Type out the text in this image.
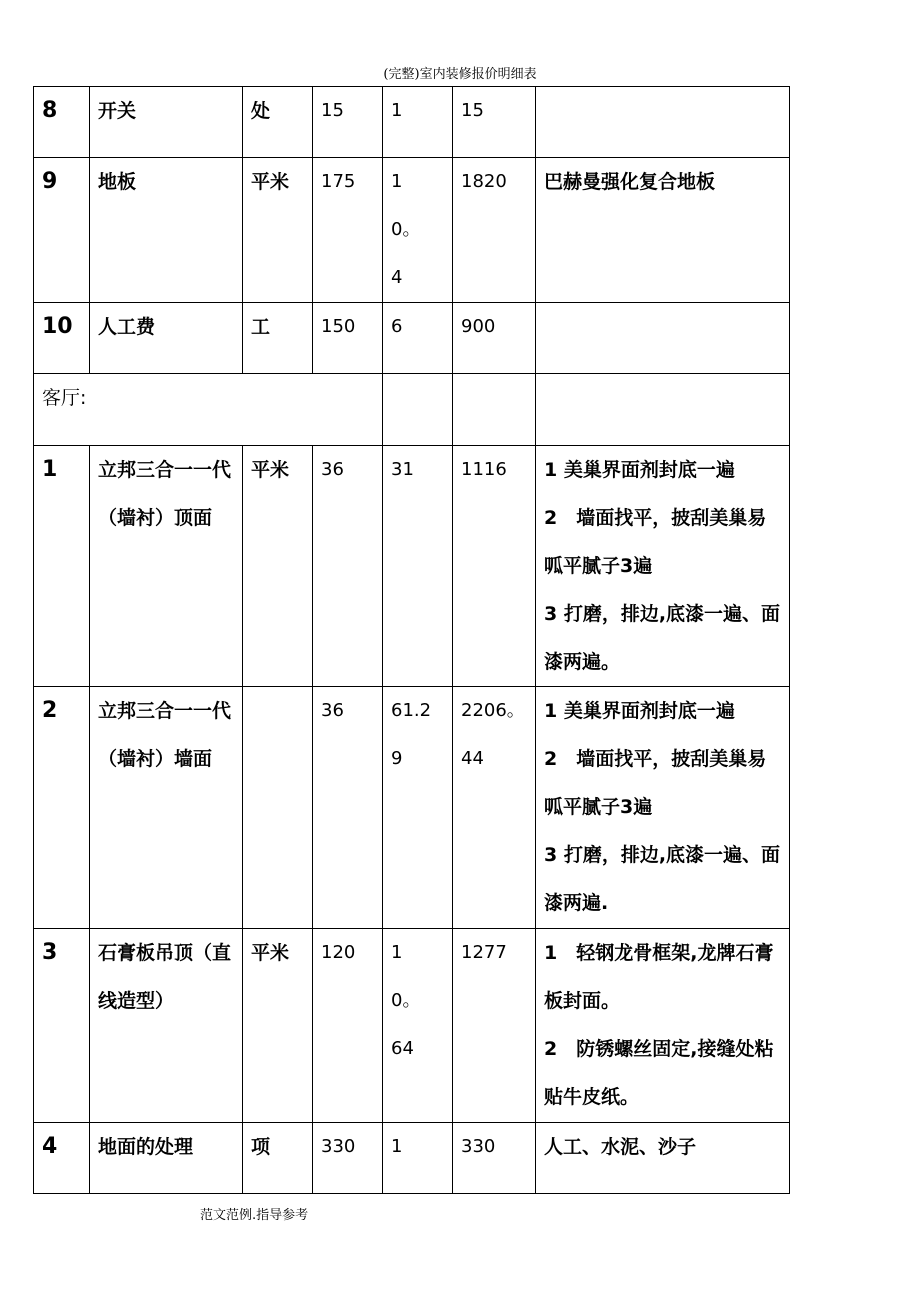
(完整)室内装修报价明细表
8	开关	处	15	1	15	

9	地板	平米	175	10。4	1820	巴赫曼强化复合地板

10	人工费	工	150	6	900	

客厅:						

1	立邦三合一一代（墙衬）顶面	平米	36	31	1116	1 美巢界面剂封底一遍
2　墙面找平，披刮美巢易呱平腻子3遍
3 打磨，排边,底漆一遍、面漆两遍。

2	立邦三合一一代（墙衬）墙面		36	61.29	2206。44	1 美巢界面剂封底一遍
2　墙面找平，披刮美巢易呱平腻子3遍
3 打磨，排边,底漆一遍、面漆两遍.

3	石膏板吊顶（直线造型）	平米	120	10。64	1277	1　轻钢龙骨框架,龙牌石膏板封面。
2　防锈螺丝固定,接缝处粘贴牛皮纸。

4	地面的处理	项	330	1	330	人工、水泥、沙子
范文范例.指导参考
